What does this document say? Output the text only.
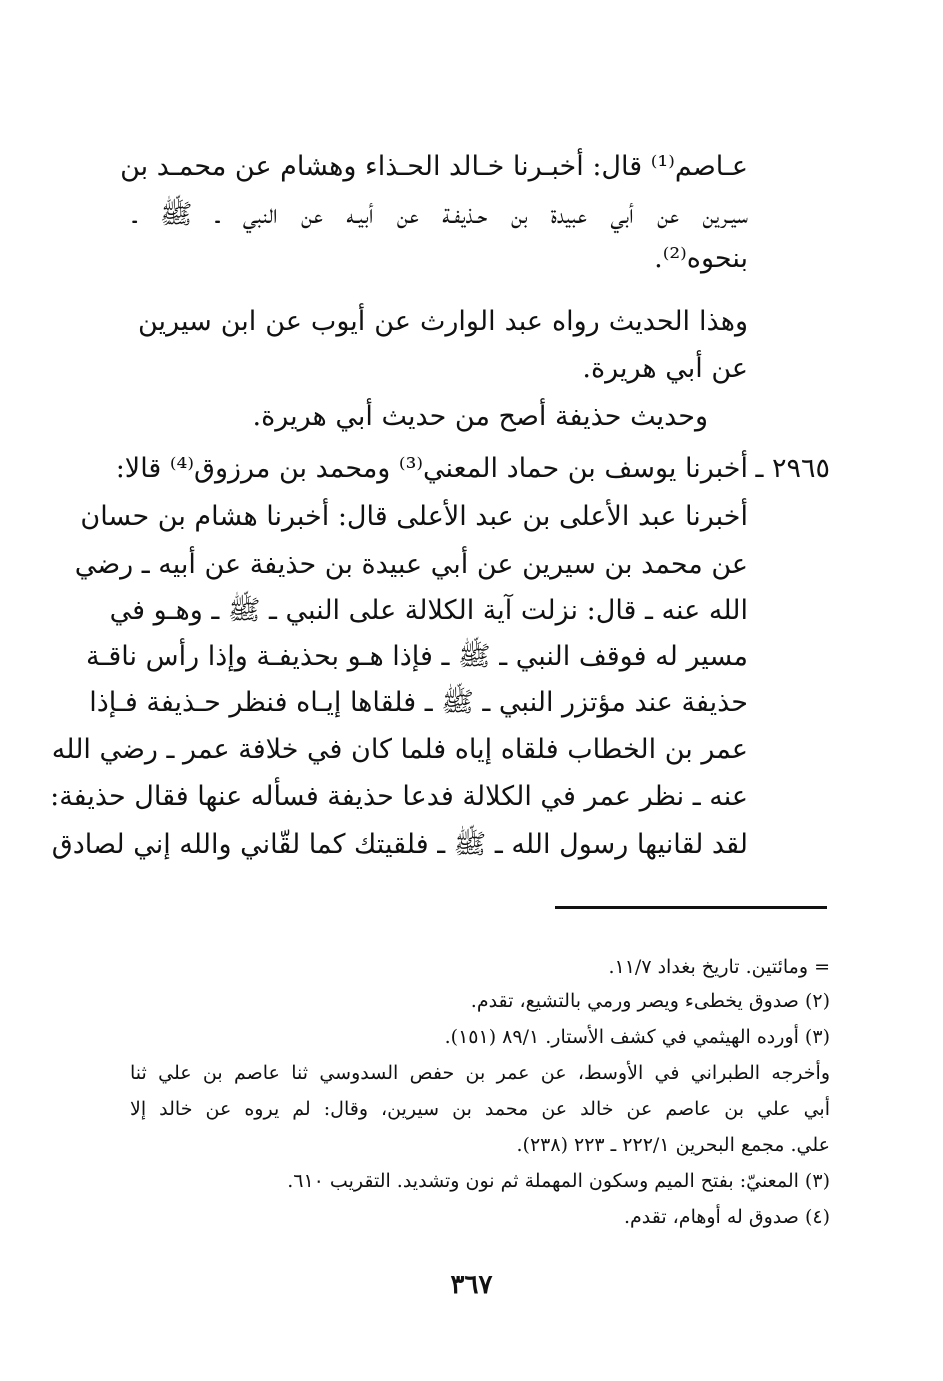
عـاصم⁽¹⁾ قال: أخبـرنا خـالد الحـذاء وهشام عن محمـد بن
سيـرين عن أبي عبيدة بن حـذيفـة عن أبيـه عن النبي ـ ﷺ ـ
بنحوه⁽²⁾.
وهذا الحديث رواه عبد الوارث عن أيوب عن ابن سيرين
عن أبي هريرة.
وحديث حذيفة أصح من حديث أبي هريرة.
٢٩٦٥ ـ
أخبرنا يوسف بن حماد المعني⁽³⁾ ومحمد بن مرزوق⁽⁴⁾ قالا:
أخبرنا عبد الأعلى بن عبد الأعلى قال: أخبرنا هشام بن حسان
عن محمد بن سيرين عن أبي عبيدة بن حذيفة عن أبيه ـ رضي
الله عنه ـ قال: نزلت آية الكلالة على النبي ـ ﷺ ـ وهـو في
مسير له فوقف النبي ـ ﷺ ـ فإذا هـو بحذيفـة وإذا رأس ناقـة
حذيفة عند مؤتزر النبي ـ ﷺ ـ فلقاها إيـاه فنظر حـذيفة فـإذا
عمر بن الخطاب فلقاه إياه فلما كان في خلافة عمر ـ رضي الله
عنه ـ نظر عمر في الكلالة فدعا حذيفة فسأله عنها فقال حذيفة:
لقد لقانيها رسول الله ـ ﷺ ـ فلقيتك كما لقّاني والله إني لصادق
= ومائتين. تاريخ بغداد ١١/٧.
(٢) صدوق يخطىء ويصر ورمي بالتشيع، تقدم.
(٣) أورده الهيثمي في كشف الأستار. ٨٩/١ (١٥١).
وأخرجه الطبراني في الأوسط، عن عمر بن حفص السدوسي ثنا عاصم بن علي ثنا
أبي علي بن عاصم عن خالد عن محمد بن سيرين، وقال: لم يروه عن خالد إلا
علي. مجمع البحرين ٢٢٢/١ ـ ٢٢٣ (٢٣٨).
(٣) المعنيّ: بفتح الميم وسكون المهملة ثم نون وتشديد. التقريب ٦١٠.
(٤) صدوق له أوهام، تقدم.
٣٦٧
